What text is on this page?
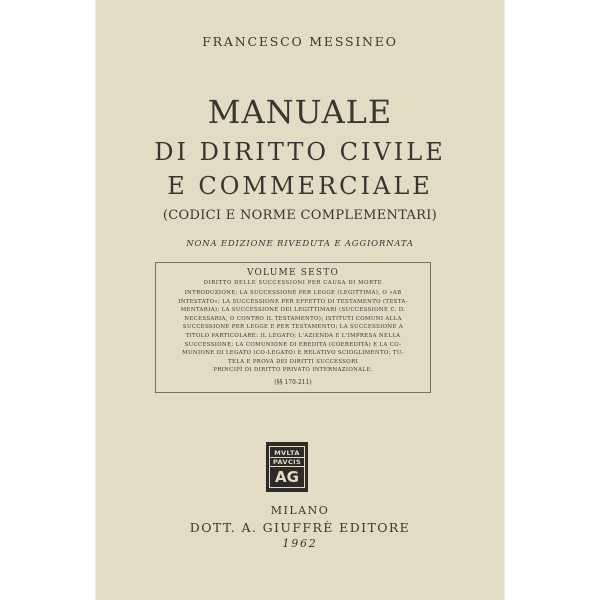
FRANCESCO MESSINEO
MANUALE
DI DIRITTO CIVILE
E COMMERCIALE
(CODICI E NORME COMPLEMENTARI)
NONA EDIZIONE RIVEDUTA E AGGIORNATA
VOLUME SESTO
DIRITTO DELLE SUCCESSIONI PER CAUSA DI MORTE
INTRODUZIONE; LA SUCCESSIONE PER LEGGE (LEGITTIMA), O «AB
INTESTATO»; LA SUCCESSIONE PER EFFETTO DI TESTAMENTO (TESTA-
MENTARIA); LA SUCCESSIONE DEI LEGITTIMARI (SUCCESSIONE C. D.
NECESSARIA, O CONTRO IL TESTAMENTO); ISTITUTI COMUNI ALLA
SUCCESSIONE PER LEGGE E PER TESTAMENTO; LA SUCCESSIONE A
TITOLO PARTICOLARE: IL LEGATO; L'AZIENDA E L'IMPRESA NELLA
SUCCESSIONE; LA COMUNIONE DI EREDITÀ (COEREDITÀ) E LA CO-
MUNIONE DI LEGATO (CO-LEGATO) E RELATIVO SCIOGLIMENTO; TU-
TELA E PROVA DEI DIRITTI SUCCESSORI
PRINCIPÎ DI DIRITTO PRIVATO INTERNAZIONALE.
(§§ 170-211)
MVLTA
PAVCIS
AG
MILANO
DOTT. A. GIUFFRÈ EDITORE
1962
